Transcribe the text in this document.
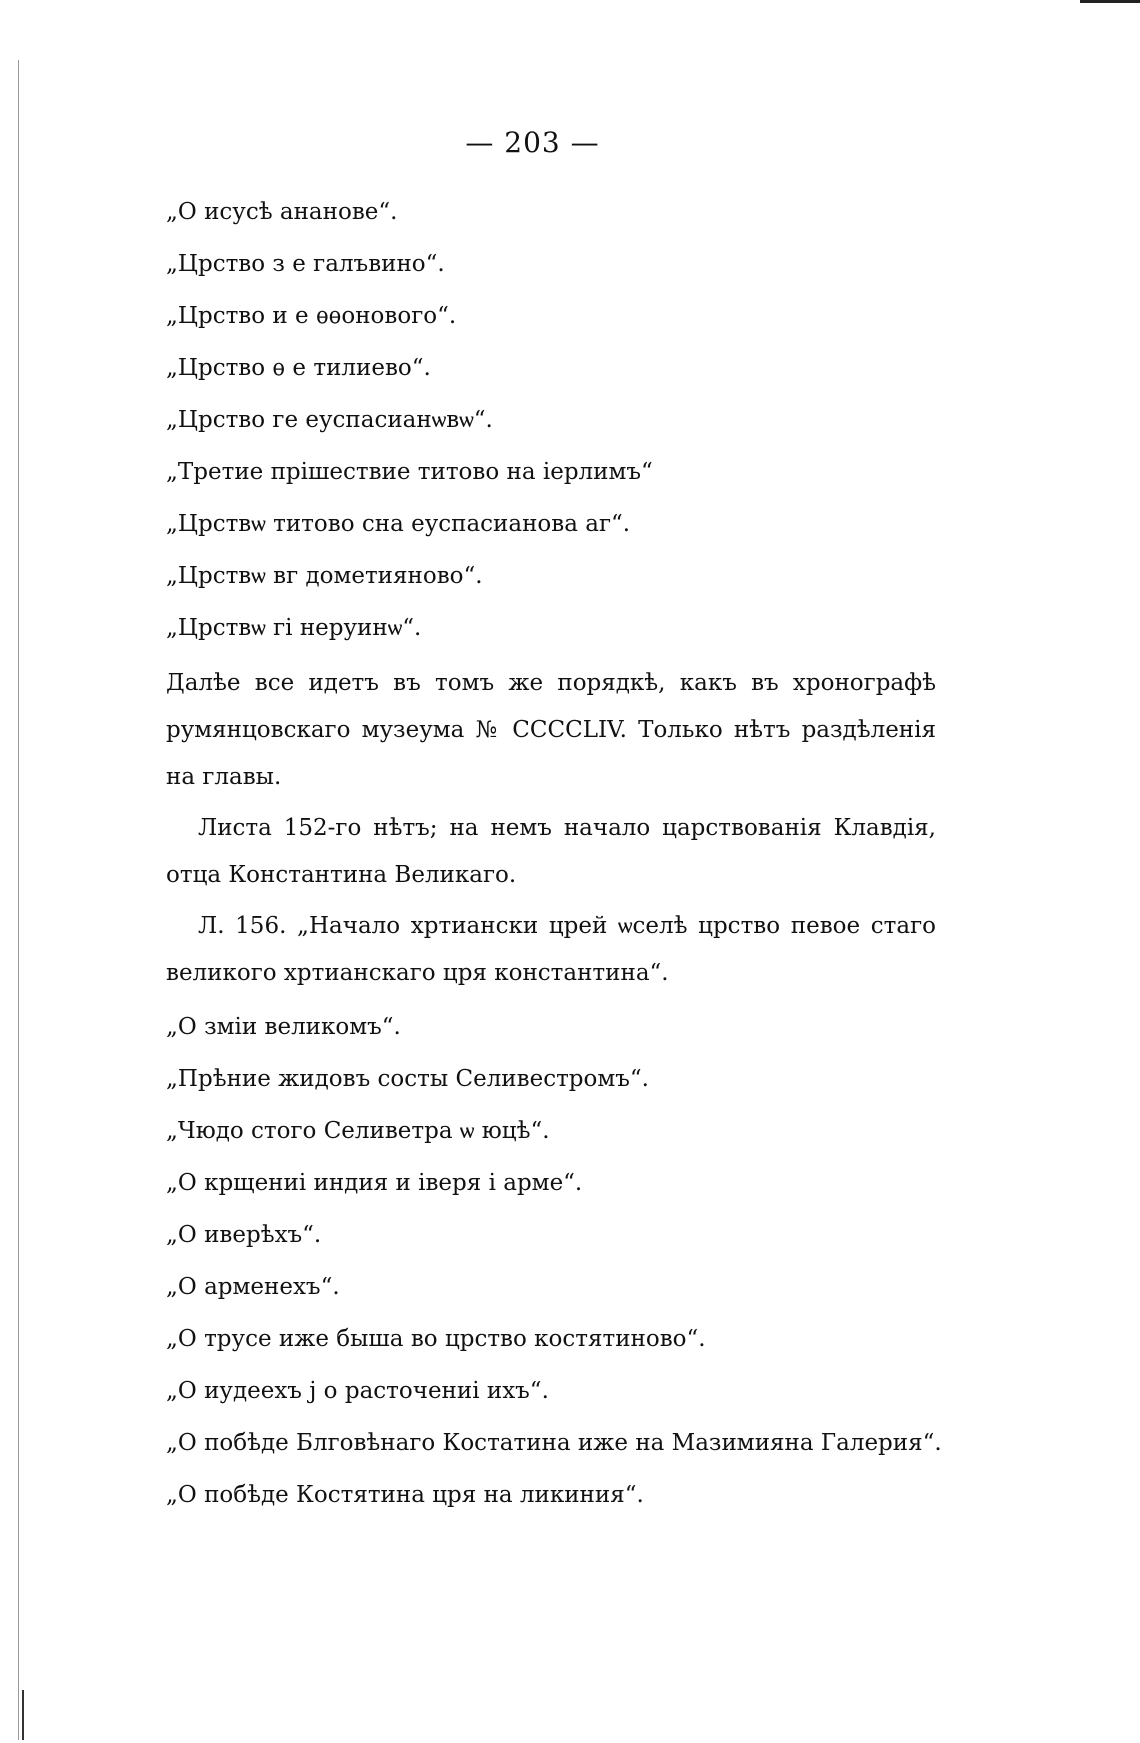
— 203 —

„О исусѣ ананове“.

„Црство з е галъвино“.

„Црство и е ѳѳонового“.

„Црство ѳ е тилиево“.

„Црство ге еуспасианѡвѡ“.

„Третие прішествие титово на іерлимъ“

„Црствѡ титово сна еуспасианова аг“.

„Црствѡ вг дометияново“.

„Црствѡ гі неруинѡ“.

Далѣе все идетъ въ томъ же порядкѣ, какъ въ хронографѣ румянцовскаго музеума № CCCCLIV. Только нѣтъ раздѣленія на главы.

Листа 152-го нѣтъ; на немъ начало царствованія Клавдія, отца Константина Великаго.

Л. 156. „Начало хртиански црей ѡселѣ црство певое стаго великого хртианскаго цря константина“.

„О зміи великомъ“.

„Прѣние жидовъ состы Селивестромъ“.

„Чюдо стого Селиветра ѡ юцѣ“.

„О крщениі индия и іверя і арме“.

„О иверѣхъ“.

„О арменехъ“.

„О трусе иже быша во црство костятиново“.

„О иудеехъ ј о расточениі ихъ“.

„О побѣде Блговѣнаго Костатина иже на Мазимияна Галерия“.

„О побѣде Костятина цря на ликиния“.
